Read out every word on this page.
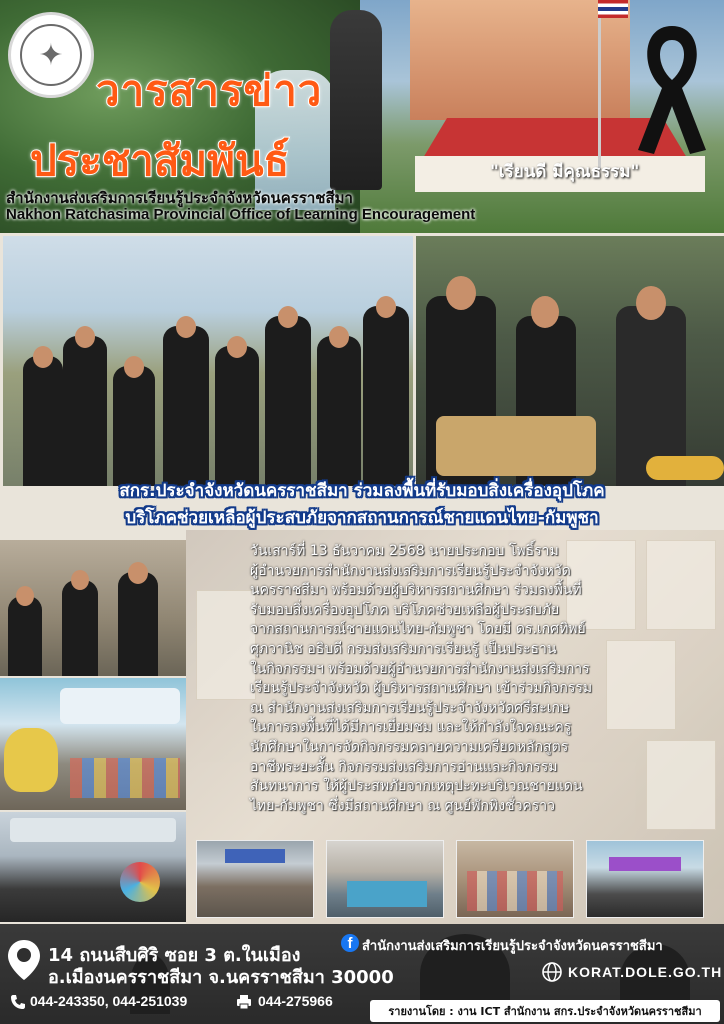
✦
วารสารข่าว
ประชาสัมพันธ์	"เรียนดี มีคุณธรรม"
สำนักงานส่งเสริมการเรียนรู้ประจำจังหวัดนครราชสีมา
Nakhon Ratchasima Provincial Office of Learning Encouragement
สกร.ประจำจังหวัดนครราชสีมา ร่วมลงพื้นที่รับมอบสิ่งเครื่องอุปโภค
บริโภคช่วยเหลือผู้ประสบภัยจากสถานการณ์ชายแดนไทย-กัมพูชา
วันเสาร์ที่ 13 ธันวาคม 2568 นายประกอบ โพธิ์ราม
ผู้อำนวยการสำนักงานส่งเสริมการเรียนรู้ประจำจังหวัด
นครราชสีมา พร้อมด้วยผู้บริหารสถานศึกษา ร่วมลงพื้นที่
รับมอบสิ่งเครื่องอุปโภค บริโภคช่วยเหลือผู้ประสบภัย
จากสถานการณ์ชายแดนไทย-กัมพูชา โดยมี ดร.เกศทิพย์
ศุภวานิช อธิบดี กรมส่งเสริมการเรียนรู้ เป็นประธาน
ในกิจกรรมฯ พร้อมด้วยผู้อำนวยการสำนักงานส่งเสริมการ
เรียนรู้ประจำจังหวัด ผู้บริหารสถานศึกษา เข้าร่วมกิจกรรม
ณ สำนักงานส่งเสริมการเรียนรู้ประจำจังหวัดศรีสะเกษ
ในการลงพื้นที่ได้มีการเยี่ยมชม และให้กำลังใจคณะครู
นักศึกษาในการจัดกิจกรรมคลายความเครียดหลักสูตร
อาชีพระยะสั้น กิจกรรมส่งเสริมการอ่านและกิจกรรม
สันทนาการ ให้ผู้ประสพภัยจากเหตุปะทะบริเวณชายแดน
ไทย-กัมพูชา ซึ่งมีสถานศึกษา ณ ศูนย์พักพิงชั่วคราว
14 ถนนสืบศิริ ซอย 3 ต.ในเมือง
อ.เมืองนครราชสีมา จ.นครราชสีมา 30000
f สำนักงานส่งเสริมการเรียนรู้ประจำจังหวัดนครราชสีมา
KORAT.DOLE.GO.TH
044-243350, 044-251039	044-275966
รายงานโดย : งาน ICT สำนักงาน สกร.ประจำจังหวัดนครราชสีมา
